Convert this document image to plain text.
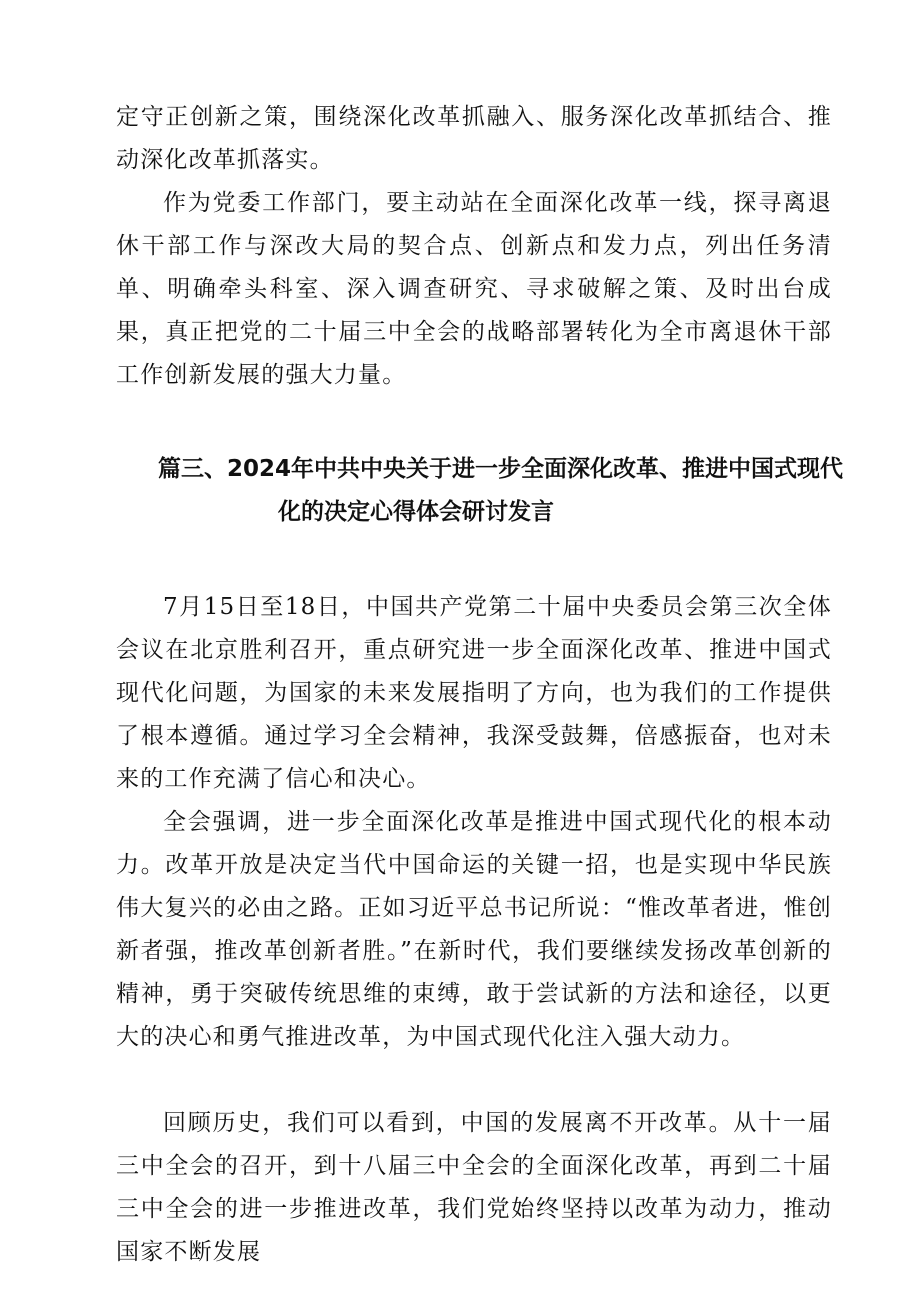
定守正创新之策，围绕深化改革抓融入、服务深化改革抓结合、推动深化改革抓落实。

作为党委工作部门，要主动站在全面深化改革一线，探寻离退休干部工作与深改大局的契合点、创新点和发力点，列出任务清单、明确牵头科室、深入调查研究、寻求破解之策、及时出台成果，真正把党的二十届三中全会的战略部署转化为全市离退休干部工作创新发展的强大力量。

篇三、2024年中共中央关于进一步全面深化改革、推进中国式现代
化的决定心得体会研讨发言

7月15日至18日，中国共产党第二十届中央委员会第三次全体会议在北京胜利召开，重点研究进一步全面深化改革、推进中国式现代化问题，为国家的未来发展指明了方向，也为我们的工作提供了根本遵循。通过学习全会精神，我深受鼓舞，倍感振奋，也对未来的工作充满了信心和决心。

全会强调，进一步全面深化改革是推进中国式现代化的根本动力。改革开放是决定当代中国命运的关键一招，也是实现中华民族伟大复兴的必由之路。正如习近平总书记所说：“惟改革者进，惟创新者强，推改革创新者胜。”在新时代，我们要继续发扬改革创新的精神，勇于突破传统思维的束缚，敢于尝试新的方法和途径，以更大的决心和勇气推进改革，为中国式现代化注入强大动力。

回顾历史，我们可以看到，中国的发展离不开改革。从十一届三中全会的召开，到十八届三中全会的全面深化改革，再到二十届三中全会的进一步推进改革，我们党始终坚持以改革为动力，推动国家不断发展
